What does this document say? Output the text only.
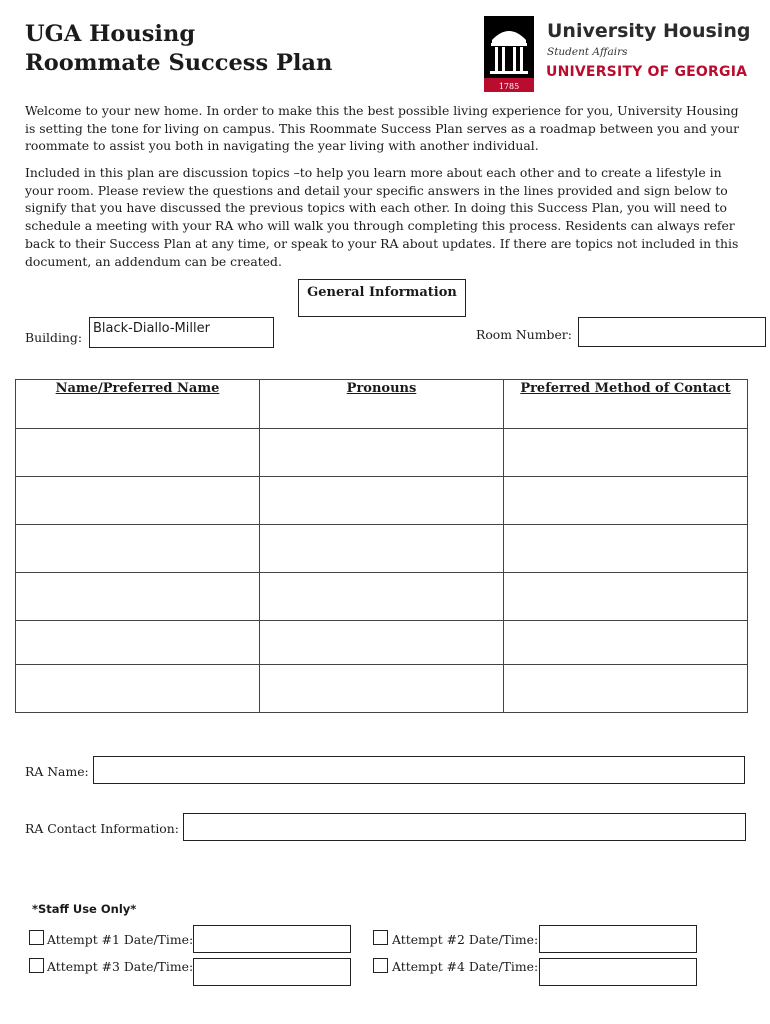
UGA Housing
Roommate Success Plan
1785
University Housing
Student Affairs
UNIVERSITY OF GEORGIA

Welcome to your new home. In order to make this the best possible living experience for you, University Housing is setting the tone for living on campus. This Roommate Success Plan serves as a roadmap between you and your roommate to assist you both in navigating the year living with another individual.

Included in this plan are discussion topics –to help you learn more about each other and to create a lifestyle in your room. Please review the questions and detail your specific answers in the lines provided and sign below to signify that you have discussed the previous topics with each other. In doing this Success Plan, you will need to schedule a meeting with your RA who will walk you through completing this process. Residents can always refer back to their Success Plan at any time, or speak to your RA about updates. If there are topics not included in this document, an addendum can be created.

General Information
Building:
Black-Diallo-Miller	Room Number:
Name/Preferred Name	Pronouns	Preferred Method of Contact

RA Name:
RA Contact Information:
*Staff Use Only*
Attempt #1 Date/Time:	Attempt #2 Date/Time:
Attempt #3 Date/Time:	Attempt #4 Date/Time:
